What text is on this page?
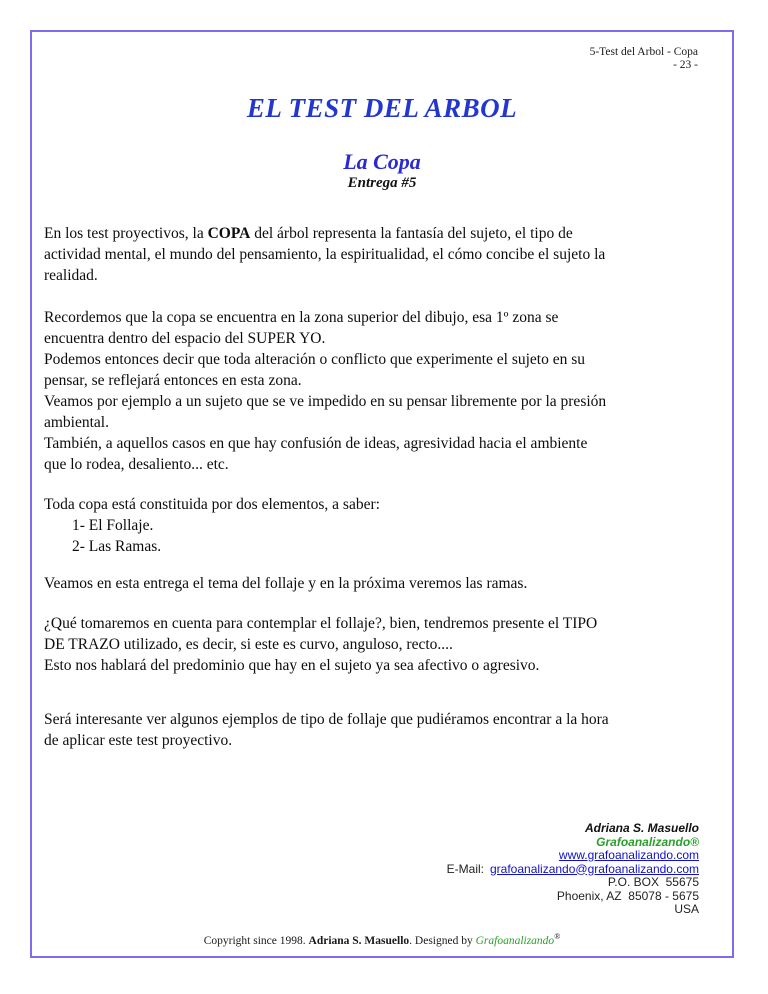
5-Test del Arbol - Copa
- 23 -
EL TEST DEL ARBOL
La Copa
Entrega #5
En los test proyectivos, la COPA del árbol representa la fantasía del sujeto, el tipo de
actividad mental, el mundo del pensamiento, la espiritualidad, el cómo concibe el sujeto la
realidad.
Recordemos que la copa se encuentra en la zona superior del dibujo, esa 1º zona se
encuentra dentro del espacio del SUPER YO.
Podemos entonces decir que toda alteración o conflicto que experimente el sujeto en su
pensar, se reflejará entonces en esta zona.
Veamos por ejemplo a un sujeto que se ve impedido en su pensar libremente por la presión
ambiental.
También, a aquellos casos en que hay confusión de ideas, agresividad hacia el ambiente
que lo rodea, desaliento... etc.
Toda copa está constituida por dos elementos, a saber:
1- El Follaje.
2- Las Ramas.
Veamos en esta entrega el tema del follaje y en la próxima veremos las ramas.
¿Qué tomaremos en cuenta para contemplar el follaje?, bien, tendremos presente el TIPO
DE TRAZO utilizado, es decir, si este es curvo, anguloso, recto....
Esto nos hablará del predominio que hay en el sujeto ya sea afectivo o agresivo.
Será interesante ver algunos ejemplos de tipo de follaje que pudiéramos encontrar a la hora
de aplicar este test proyectivo.
Adriana S. Masuello
Grafoanalizando®
www.grafoanalizando.com
E-Mail: grafoanalizando@grafoanalizando.com
P.O. BOX  55675
Phoenix, AZ  85078 - 5675
USA
Copyright since 1998. Adriana S. Masuello. Designed by Grafoanalizando®
